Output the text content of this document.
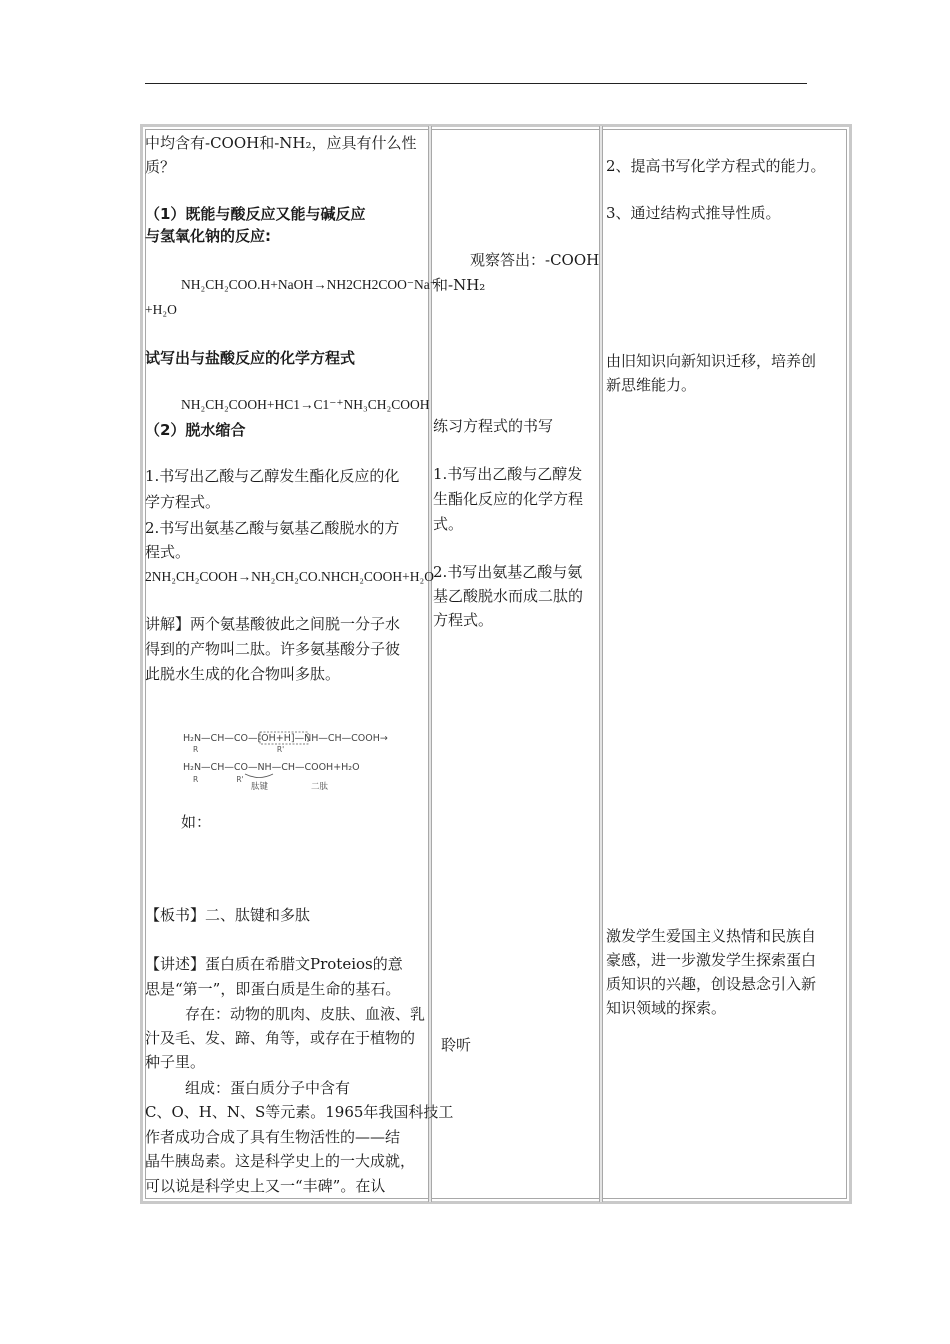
中均含有-COOH和-NH₂，应具有什么性
质？
（1）既能与酸反应又能与碱反应
与氢氧化钠的反应:
NH₂CH₂COO.H+NaOH→NH2CH2COO⁻Na⁺
+H₂O
试写出与盐酸反应的化学方程式
NH₂CH₂COOH+HC1→C1⁻⁺NH₃CH₂COOH
（2）脱水缩合
1.书写出乙酸与乙醇发生酯化反应的化
学方程式。
2.书写出氨基乙酸与氨基乙酸脱水的方
程式。
2NH₂CH₂COOH→NH₂CH₂CO.NHCH₂COOH+H₂O
讲解】两个氨基酸彼此之间脱一分子水
得到的产物叫二肽。许多氨基酸分子彼
此脱水生成的化合物叫多肽。
H₂N—CH—CO—[OH+H]—NH—CH—COOH→
R                                 R'
H₂N—CH—CO—NH—CH—COOH+H₂O
R                R'
肽键	二肽
如：
【板书】二、肽键和多肽
【讲述】蛋白质在希腊文Proteios的意
思是“第一”，即蛋白质是生命的基石。
存在：动物的肌肉、皮肤、血液、乳
汁及毛、发、蹄、角等，或存在于植物的
种子里。
组成：蛋白质分子中含有
C、O、H、N、S等元素。1965年我国科技工
作者成功合成了具有生物活性的——结
晶牛胰岛素。这是科学史上的一大成就，
可以说是科学史上又一“丰碑”。在认
观察答出：-COOH
和-NH₂
练习方程式的书写
1.书写出乙酸与乙醇发
生酯化反应的化学方程
式。
2.书写出氨基乙酸与氨
基乙酸脱水而成二肽的
方程式。
聆听
2、提高书写化学方程式的能力。
3、通过结构式推导性质。
由旧知识向新知识迁移，培养创
新思维能力。
激发学生爱国主义热情和民族自
豪感，进一步激发学生探索蛋白
质知识的兴趣，创设悬念引入新
知识领域的探索。
